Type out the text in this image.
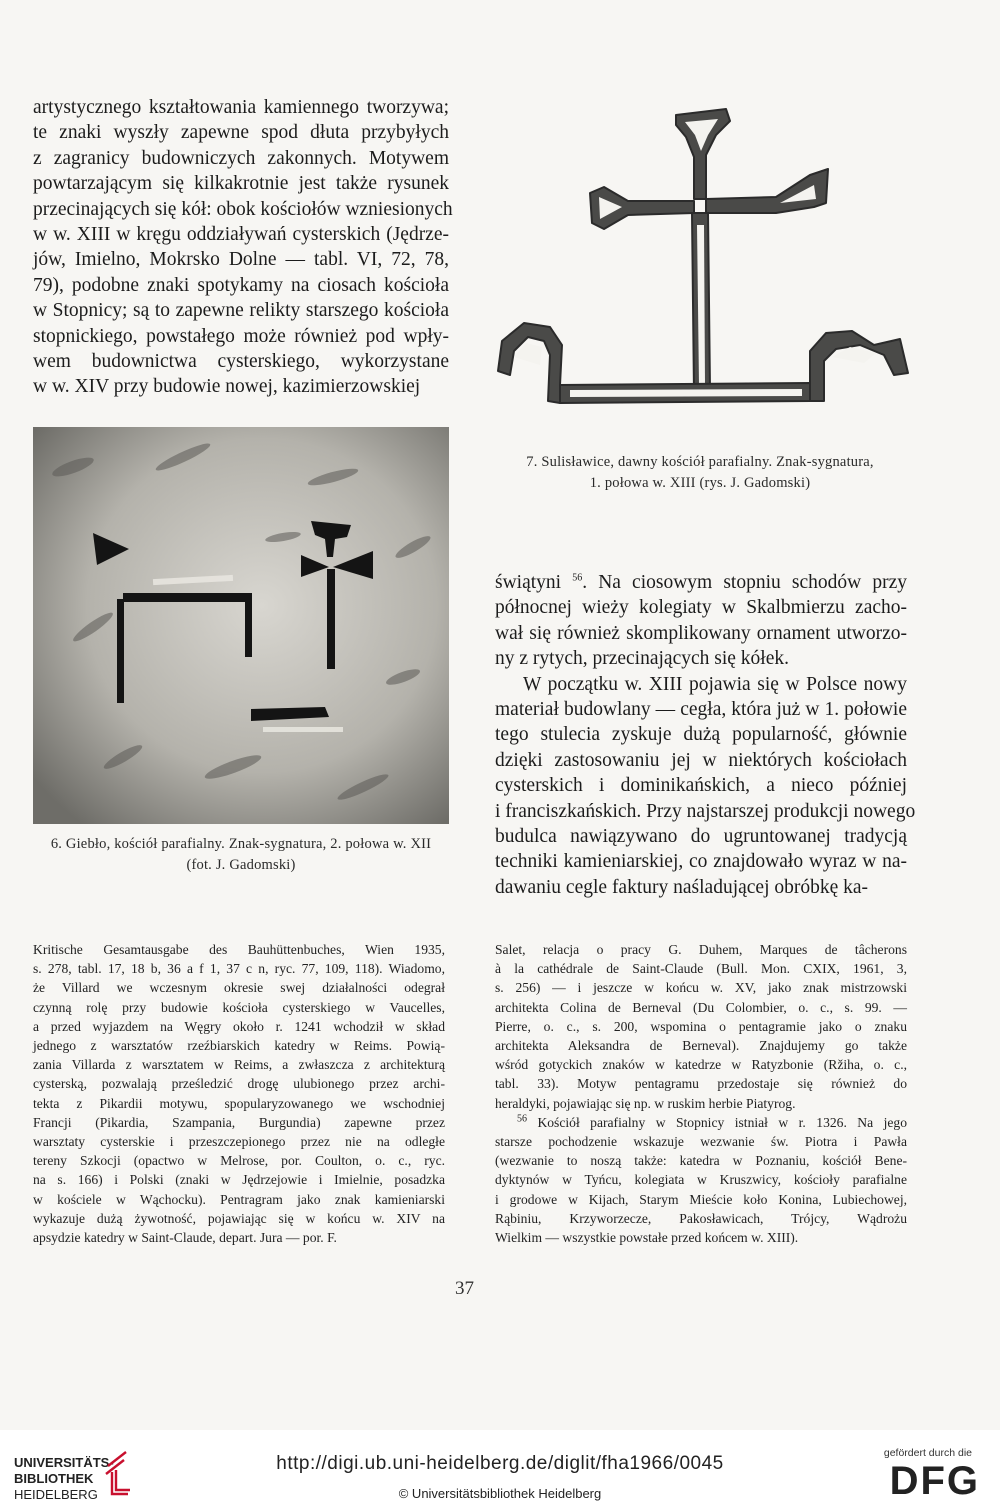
artystycznego kształtowania kamiennego tworzywa;
te znaki wyszły zapewne spod dłuta przybyłych
z zagranicy budowniczych zakonnych. Motywem
powtarzającym się kilkakrotnie jest także rysunek
przecinających się kół: obok kościołów wzniesionych
w w. XIII w kręgu oddziaływań cysterskich (Jędrze-
jów, Imielno, Mokrsko Dolne — tabl. VI, 72, 78,
79), podobne znaki spotykamy na ciosach kościoła
w Stopnicy; są to zapewne relikty starszego kościoła
stopnickiego, powstałego może również pod wpły-
wem budownictwa cysterskiego, wykorzystane
w w. XIV przy budowie nowej, kazimierzowskiej
6. Giebło, kościół parafialny. Znak-sygnatura, 2. połowa w. XII
(fot. J. Gadomski)
7. Sulisławice, dawny kościół parafialny. Znak-sygnatura,
1. połowa w. XIII (rys. J. Gadomski)
świątyni $^{56}$. Na ciosowym stopniu schodów przy
północnej wieży kolegiaty w Skalbmierzu zacho-
wał się również skomplikowany ornament utworzo-
ny z rytych, przecinających się kółek.
W początku w. XIII pojawia się w Polsce nowy
materiał budowlany — cegła, która już w 1. połowie
tego stulecia zyskuje dużą popularność, głównie
dzięki zastosowaniu jej w niektórych kościołach
cysterskich i dominikańskich, a nieco później
i franciszkańskich. Przy najstarszej produkcji nowego
budulca nawiązywano do ugruntowanej tradycją
techniki kamieniarskiej, co znajdowało wyraz w na-
dawaniu cegle faktury naśladującej obróbkę ka-
Kritische Gesamtausgabe des Bauhüttenbuches, Wien 1935,
s. 278, tabl. 17, 18 b, 36 a f 1, 37 c n, ryc. 77, 109, 118). Wiadomo,
że Villard we wczesnym okresie swej działalności odegrał
czynną rolę przy budowie kościoła cysterskiego w Vaucelles,
a przed wyjazdem na Węgry około r. 1241 wchodził w skład
jednego z warsztatów rzeźbiarskich katedry w Reims. Powią-
zania Villarda z warsztatem w Reims, a zwłaszcza z architekturą
cysterską, pozwalają prześledzić drogę ulubionego przez archi-
tekta z Pikardii motywu, spopularyzowanego we wschodniej
Francji (Pikardia, Szampania, Burgundia) zapewne przez
warsztaty cysterskie i przeszczepionego przez nie na odległe
tereny Szkocji (opactwo w Melrose, por. Coulton, o. c., ryc.
na s. 166) i Polski (znaki w Jędrzejowie i Imielnie, posadzka
w kościele w Wąchocku). Pentragram jako znak kamieniarski
wykazuje dużą żywotność, pojawiając się w końcu w. XIV na
apsydzie katedry w Saint-Claude, depart. Jura — por. F.
Salet, relacja o pracy G. Duhem, Marques de tâcherons
à la cathédrale de Saint-Claude (Bull. Mon. CXIX, 1961, 3,
s. 256) — i jeszcze w końcu w. XV, jako znak mistrzowski
architekta Colina de Berneval (Du Colombier, o. c., s. 99. —
Pierre, o. c., s. 200, wspomina o pentagramie jako o znaku
architekta Aleksandra de Berneval). Znajdujemy go także
wśród gotyckich znaków w katedrze w Ratyzbonie (Ržiha, o. c.,
tabl. 33). Motyw pentagramu przedostaje się również do
heraldyki, pojawiając się np. w ruskim herbie Piatyrog.
$^{56}$ Kościół parafialny w Stopnicy istniał w r. 1326. Na jego
starsze pochodzenie wskazuje wezwanie św. Piotra i Pawła
(wezwanie to noszą także: katedra w Poznaniu, kościół Bene-
dyktynów w Tyńcu, kolegiata w Kruszwicy, kościoły parafialne
i grodowe w Kijach, Starym Mieście koło Konina, Lubiechowej,
Rąbiniu, Krzyworzecze, Pakosławicach, Trójcy, Wądrożu
Wielkim — wszystkie powstałe przed końcem w. XIII).
37
UNIVERSITÄTS-
BIBLIOTHEK
HEIDELBERG
http://digi.ub.uni-heidelberg.de/diglit/fha1966/0045
© Universitätsbibliothek Heidelberg
gefördert durch die
DFG
